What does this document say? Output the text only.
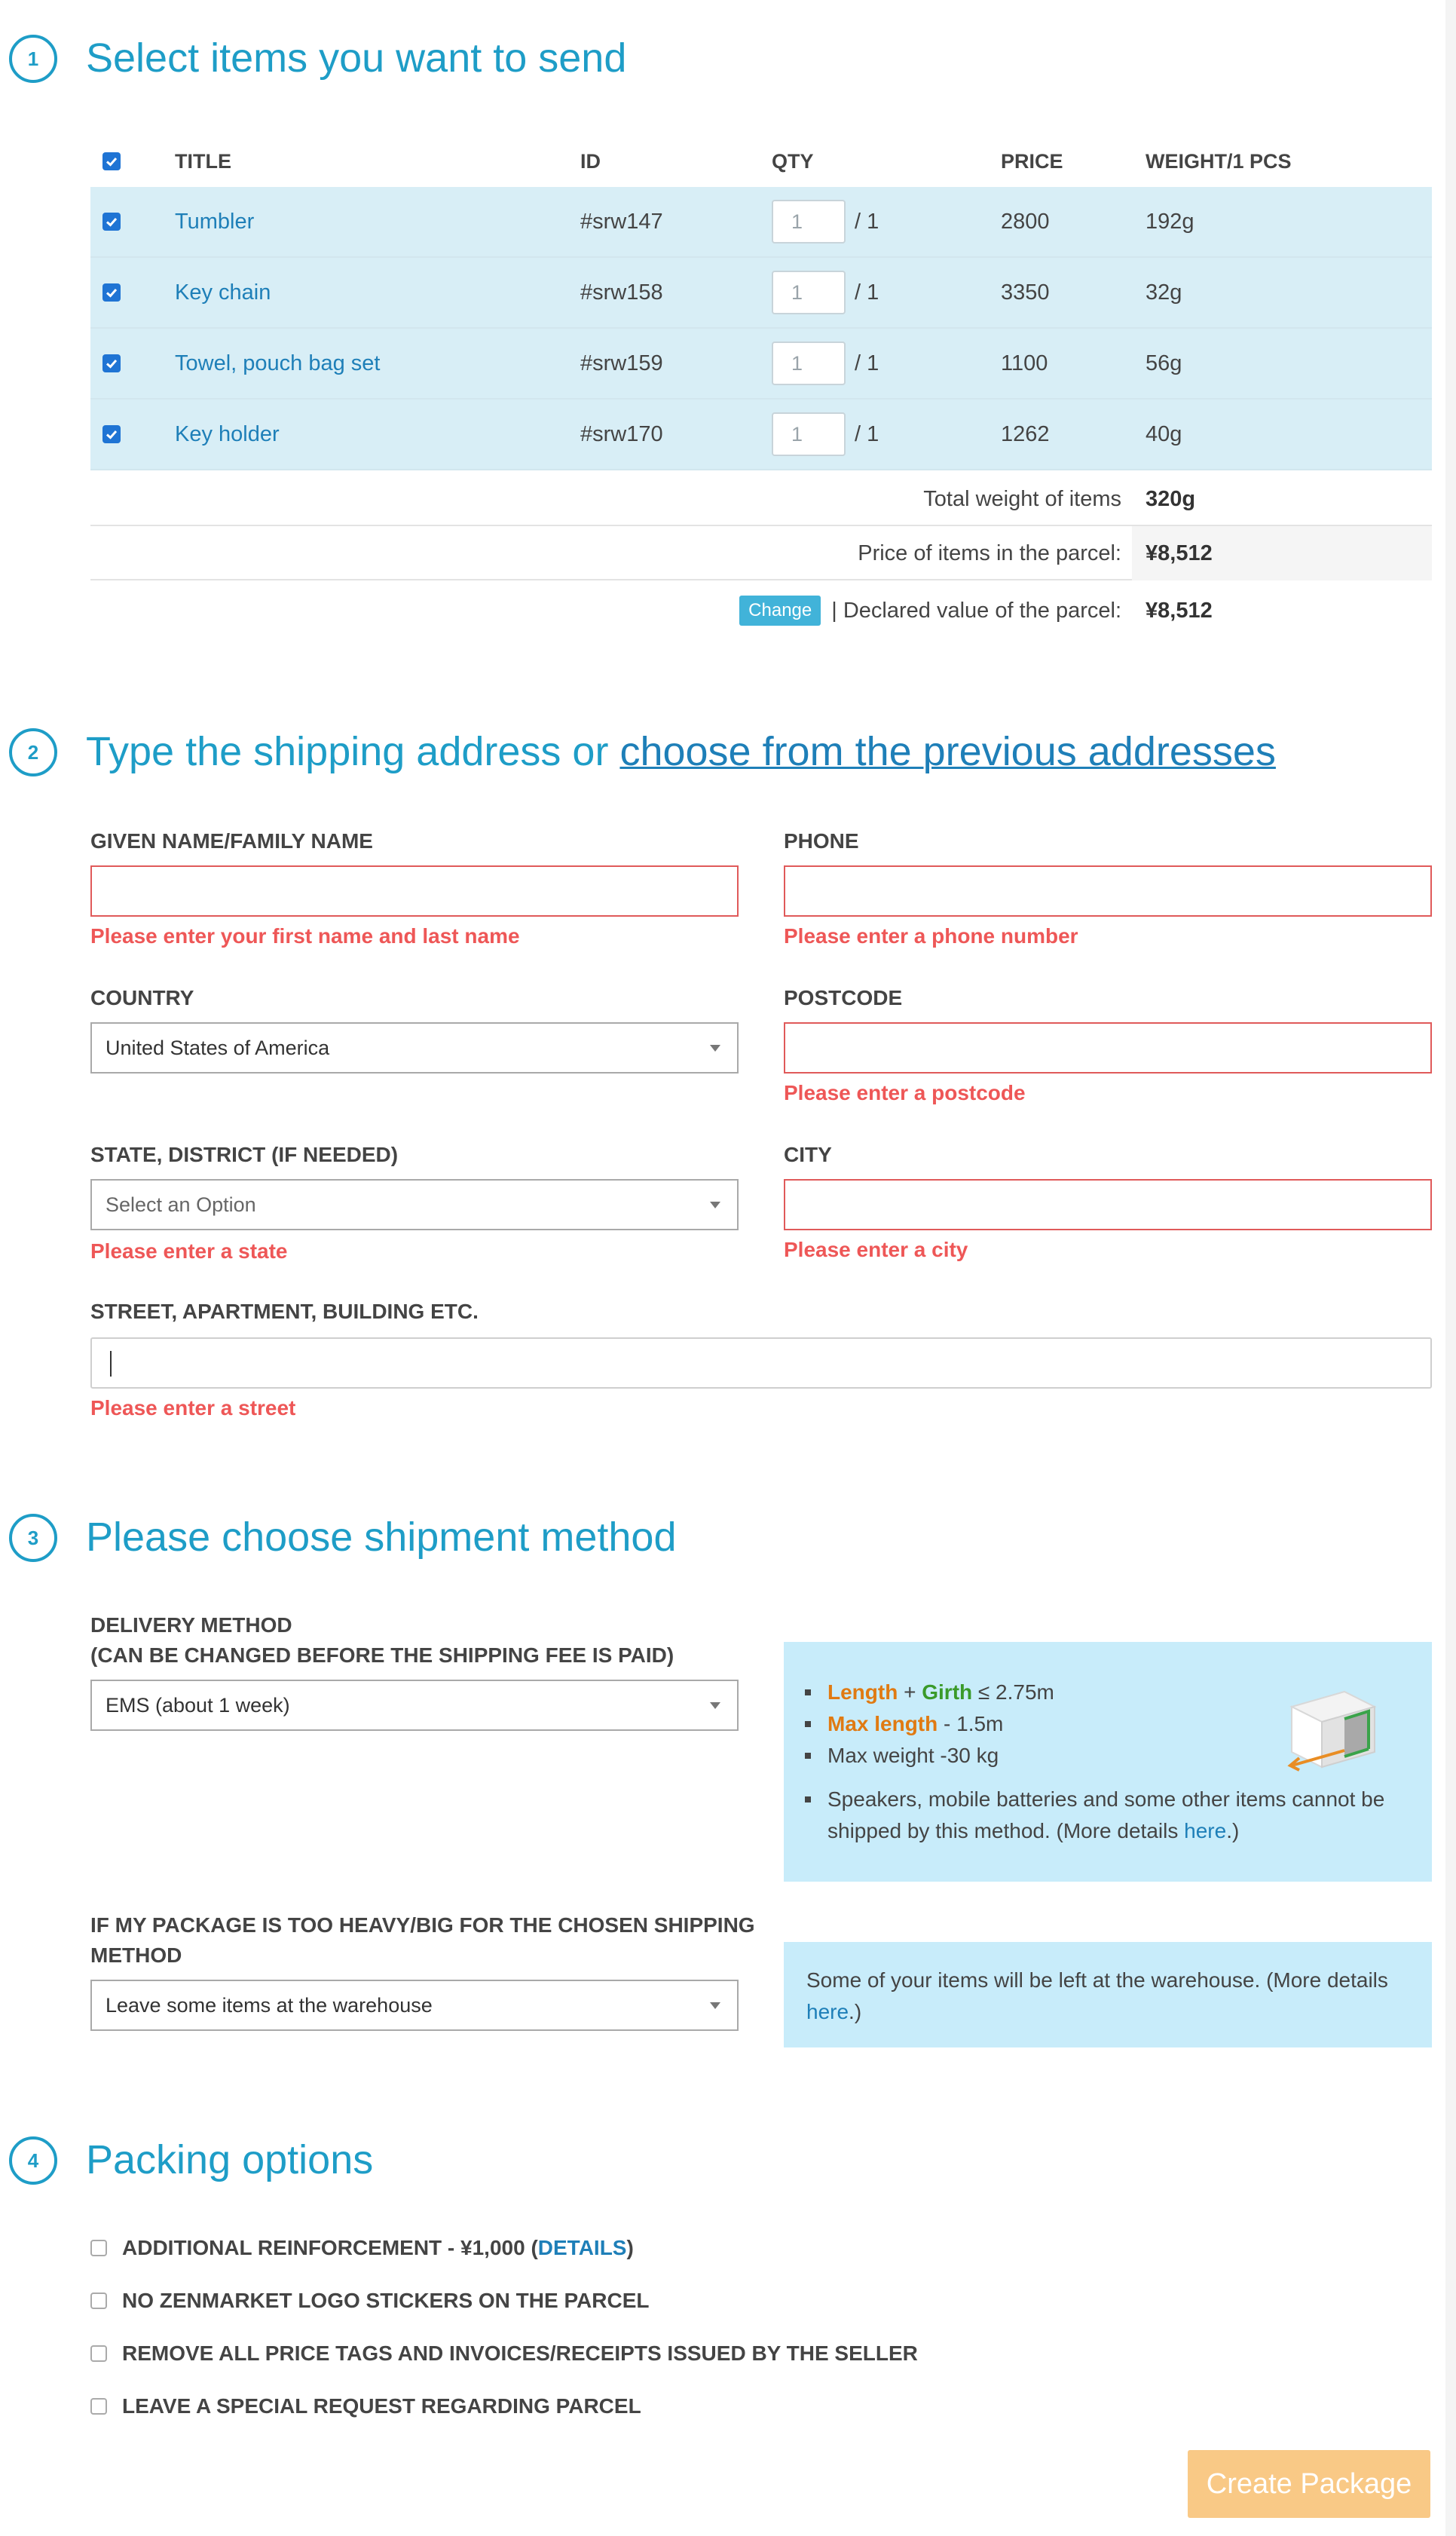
1	Select items you want to send
TITLE	ID	QTY	PRICE	WEIGHT/1 PCS
Tumbler	#srw147	1	/ 1	2800	192g
Key chain	#srw158	1	/ 1	3350	32g
Towel, pouch bag set	#srw159	1	/ 1	1100	56g
Key holder	#srw170	1	/ 1	1262	40g
Total weight of items	320g
Price of items in the parcel:	¥8,512
Change | Declared value of the parcel:	¥8,512
2	Type the shipping address or choose from the previous addresses
GIVEN NAME/FAMILY NAME
Please enter your first name and last name
PHONE
Please enter a phone number
COUNTRY
United States of America
POSTCODE
Please enter a postcode
STATE, DISTRICT (IF NEEDED)
Select an Option
Please enter a state
CITY
Please enter a city
STREET, APARTMENT, BUILDING ETC.
Please enter a street
3	Please choose shipment method
DELIVERY METHOD
(CAN BE CHANGED BEFORE THE SHIPPING FEE IS PAID)
EMS (about 1 week)
Length + Girth ≤ 2.75m
Max length - 1.5m
Max weight -30 kg
Speakers, mobile batteries and some other items cannot be shipped by this method. (More details here.)
IF MY PACKAGE IS TOO HEAVY/BIG FOR THE CHOSEN SHIPPING
METHOD
Leave some items at the warehouse

Some of your items will be left at the warehouse. (More details here.)

4	Packing options
ADDITIONAL REINFORCEMENT - ¥1,000 (DETAILS)
NO ZENMARKET LOGO STICKERS ON THE PARCEL
REMOVE ALL PRICE TAGS AND INVOICES/RECEIPTS ISSUED BY THE SELLER
LEAVE A SPECIAL REQUEST REGARDING PARCEL
Create Package
